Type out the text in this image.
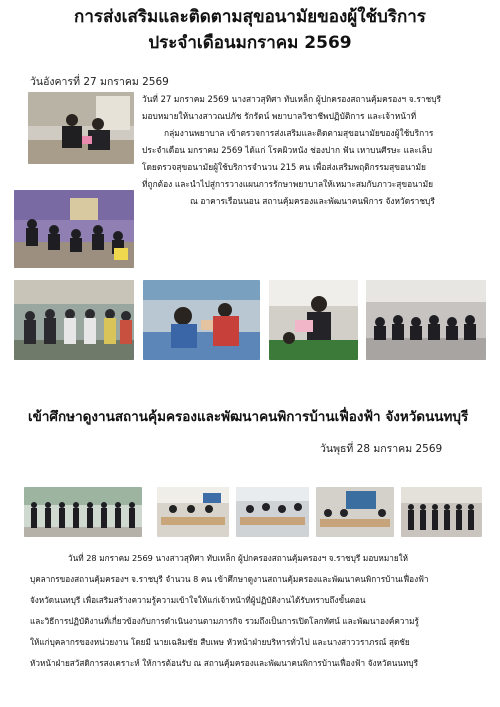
การส่งเสริมและติดตามสุขอนามัยของผู้ใช้บริการ
ประจำเดือนมกราคม 2569
วันอังคารที่ 27 มกราคม 2569

วันที่ 27 มกราคม 2569 นางสาวสุทิศา ทับเหล็ก ผู้ปกครองสถานคุ้มครองฯ จ.ราชบุรี

มอบหมายให้นางสาวณปภัช รักรัตน์ พยาบาลวิชาชีพปฏิบัติการ และเจ้าหน้าที่

กลุ่มงานพยาบาล เข้าตรวจการส่งเสริมและติดตามสุขอนามัยของผู้ใช้บริการ

ประจำเดือน มกราคม 2569 ได้แก่ โรคผิวหนัง ช่องปาก ฟัน เหาบนศีรษะ และเล็บ

โดยตรวจสุขอนามัยผู้ใช้บริการจำนวน 215 คน เพื่อส่งเสริมพฤติกรรมสุขอนามัย

ที่ถูกต้อง และนำไปสู่การวางแผนการรักษาพยาบาลให้เหมาะสมกับภาวะสุขอนามัย

ณ อาคารเรือนนอน สถานคุ้มครองและพัฒนาคนพิการ จังหวัดราชบุรี

เข้าศึกษาดูงานสถานคุ้มครองและพัฒนาคนพิการบ้านเฟื่องฟ้า จังหวัดนนทบุรี
วันพุธที่ 28 มกราคม 2569

วันที่ 28 มกราคม 2569 นางสาวสุทิศา ทับเหล็ก ผู้ปกครองสถานคุ้มครองฯ จ.ราชบุรี มอบหมายให้

บุคลากรของสถานคุ้มครองฯ จ.ราชบุรี จำนวน 8 คน เข้าศึกษาดูงานสถานคุ้มครองและพัฒนาคนพิการบ้านเฟื่องฟ้า

จังหวัดนนทบุรี เพื่อเสริมสร้างความรู้ความเข้าใจให้แก่เจ้าหน้าที่ผู้ปฏิบัติงานได้รับทราบถึงขั้นตอน

และวิธีการปฏิบัติงานที่เกี่ยวข้องกับการดำเนินงานตามภารกิจ รวมถึงเป็นการเปิดโลกทัศน์ และพัฒนาองค์ความรู้

ให้แก่บุคลากรของหน่วยงาน โดยมี นายเฉลิมชัย สืบเพษ หัวหน้าฝ่ายบริหารทั่วไป และนางสาววราภรณ์ สุดชัย

หัวหน้าฝ่ายสวัสดิการสงเคราะห์ ให้การต้อนรับ ณ สถานคุ้มครองและพัฒนาคนพิการบ้านเฟื่องฟ้า จังหวัดนนทบุรี
